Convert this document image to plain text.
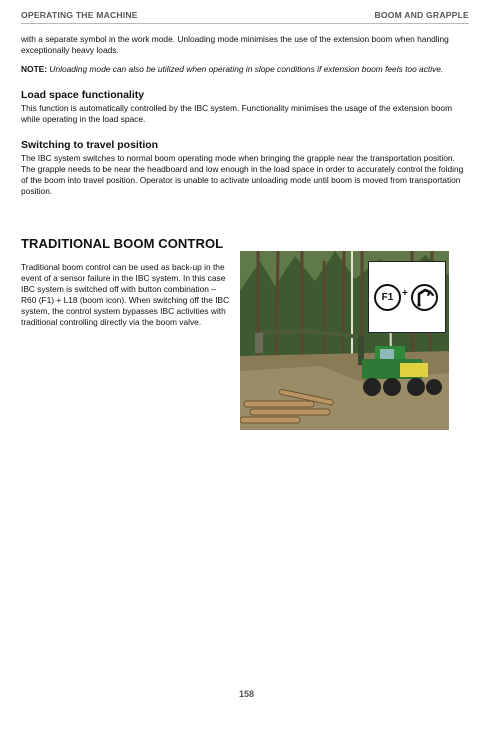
OPERATING THE MACHINE	BOOM AND GRAPPLE

with a separate symbol in the work mode. Unloading mode minimises the use of the extension boom when handling exceptionally heavy loads.

NOTE: Unloading mode can also be utilized when operating in slope conditions if extension boom feels too active.

Load space functionality

This function is automatically controlled by the IBC system. Functionality minimises the usage of the extension boom while operating in the load space.

Switching to travel position

The IBC system switches to normal boom operating mode when bringing the grapple near the transportation position. The grapple needs to be near the headboard and low enough in the load space in order to accurately control the folding of the boom into travel position. Operator is unable to activate unloading mode until boom is moved from transportation position.

TRADITIONAL BOOM CONTROL

Traditional boom control can be used as back-up in the event of a sensor failure in the IBC system. In this case IBC system is switched off with button combination – R60 (F1) + L18 (boom icon). When switching off the IBC system, the control system bypasses IBC activities with traditional controlling directly via the boom valve.

F1 +
158
